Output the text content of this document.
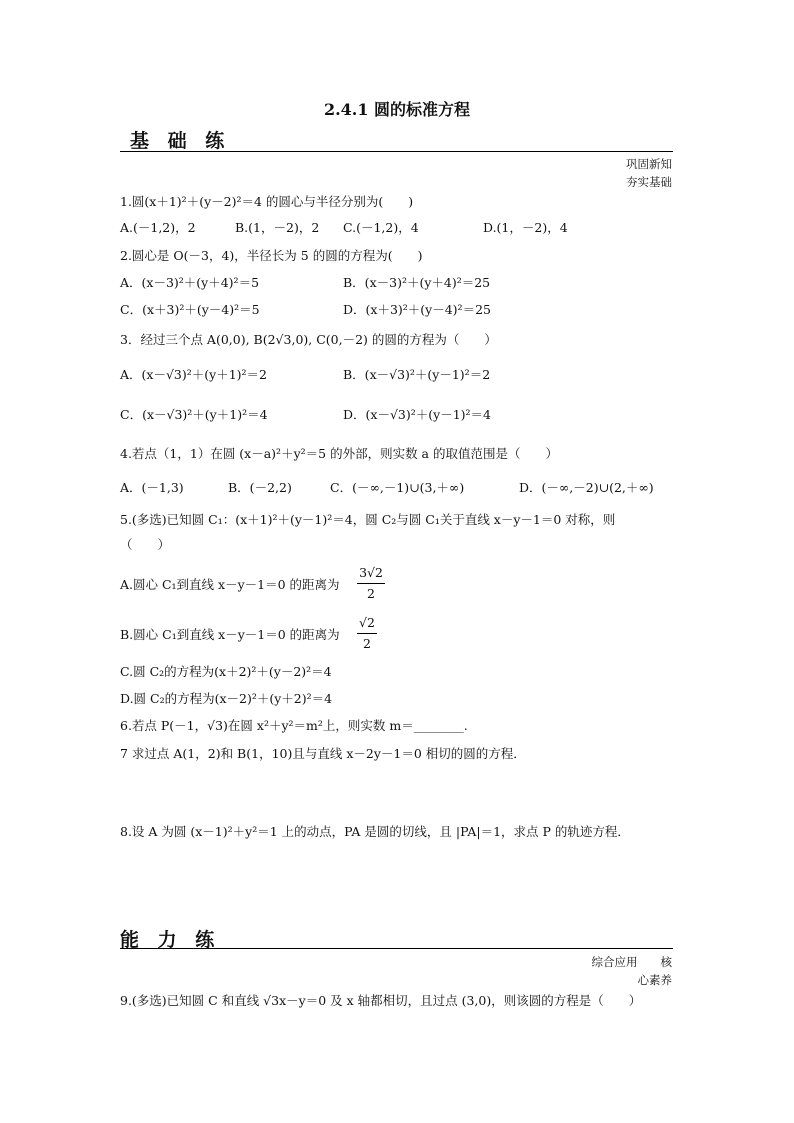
2.4.1 圆的标准方程
基 础 练
巩固新知
夯实基础
1.圆(x＋1)²＋(y－2)²＝4 的圆心与半径分别为(　　)
A.(－1,2)，2	B.(1，－2)，2 C.(－1,2)，4	D.(1，－2)，4
2.圆心是 O(－3，4)，半径长为 5 的圆的方程为(　　)
A．(x－3)²＋(y＋4)²＝5	B．(x－3)²＋(y＋4)²＝25
C．(x＋3)²＋(y－4)²＝5	D．(x＋3)²＋(y－4)²＝25
3．经过三个点 A(0,0), B(2√3,0), C(0,－2) 的圆的方程为（　　）
A．(x－√3)²＋(y＋1)²＝2	B．(x－√3)²＋(y－1)²＝2
C．(x－√3)²＋(y＋1)²＝4	D．(x－√3)²＋(y－1)²＝4
4.若点（1，1）在圆 (x－a)²＋y²＝5 的外部，则实数 a 的取值范围是（　　）
A．(－1,3)	B．(－2,2)	C．(－∞,－1)∪(3,＋∞)	D．(－∞,－2)∪(2,＋∞)
5.(多选)已知圆 C₁：(x＋1)²＋(y－1)²＝4，圆 C₂与圆 C₁关于直线 x－y－1＝0 对称，则
（　　）
A.圆心 C₁到直线 x－y－1＝0 的距离为
3√2
2
B.圆心 C₁到直线 x－y－1＝0 的距离为
√2
2
C.圆 C₂的方程为(x＋2)²＋(y－2)²＝4
D.圆 C₂的方程为(x－2)²＋(y＋2)²＝4
6.若点 P(－1，√3)在圆 x²＋y²＝m²上，则实数 m＝________.
7 求过点 A(1，2)和 B(1，10)且与直线 x－2y－1＝0 相切的圆的方程．
8.设 A 为圆 (x－1)²＋y²＝1 上的动点，PA 是圆的切线，且 |PA|＝1，求点 P 的轨迹方程．
能 力 练
综合应用　　核
心素养
9.(多选)已知圆 C 和直线 √3x－y＝0 及 x 轴都相切，且过点 (3,0)，则该圆的方程是（　　）
